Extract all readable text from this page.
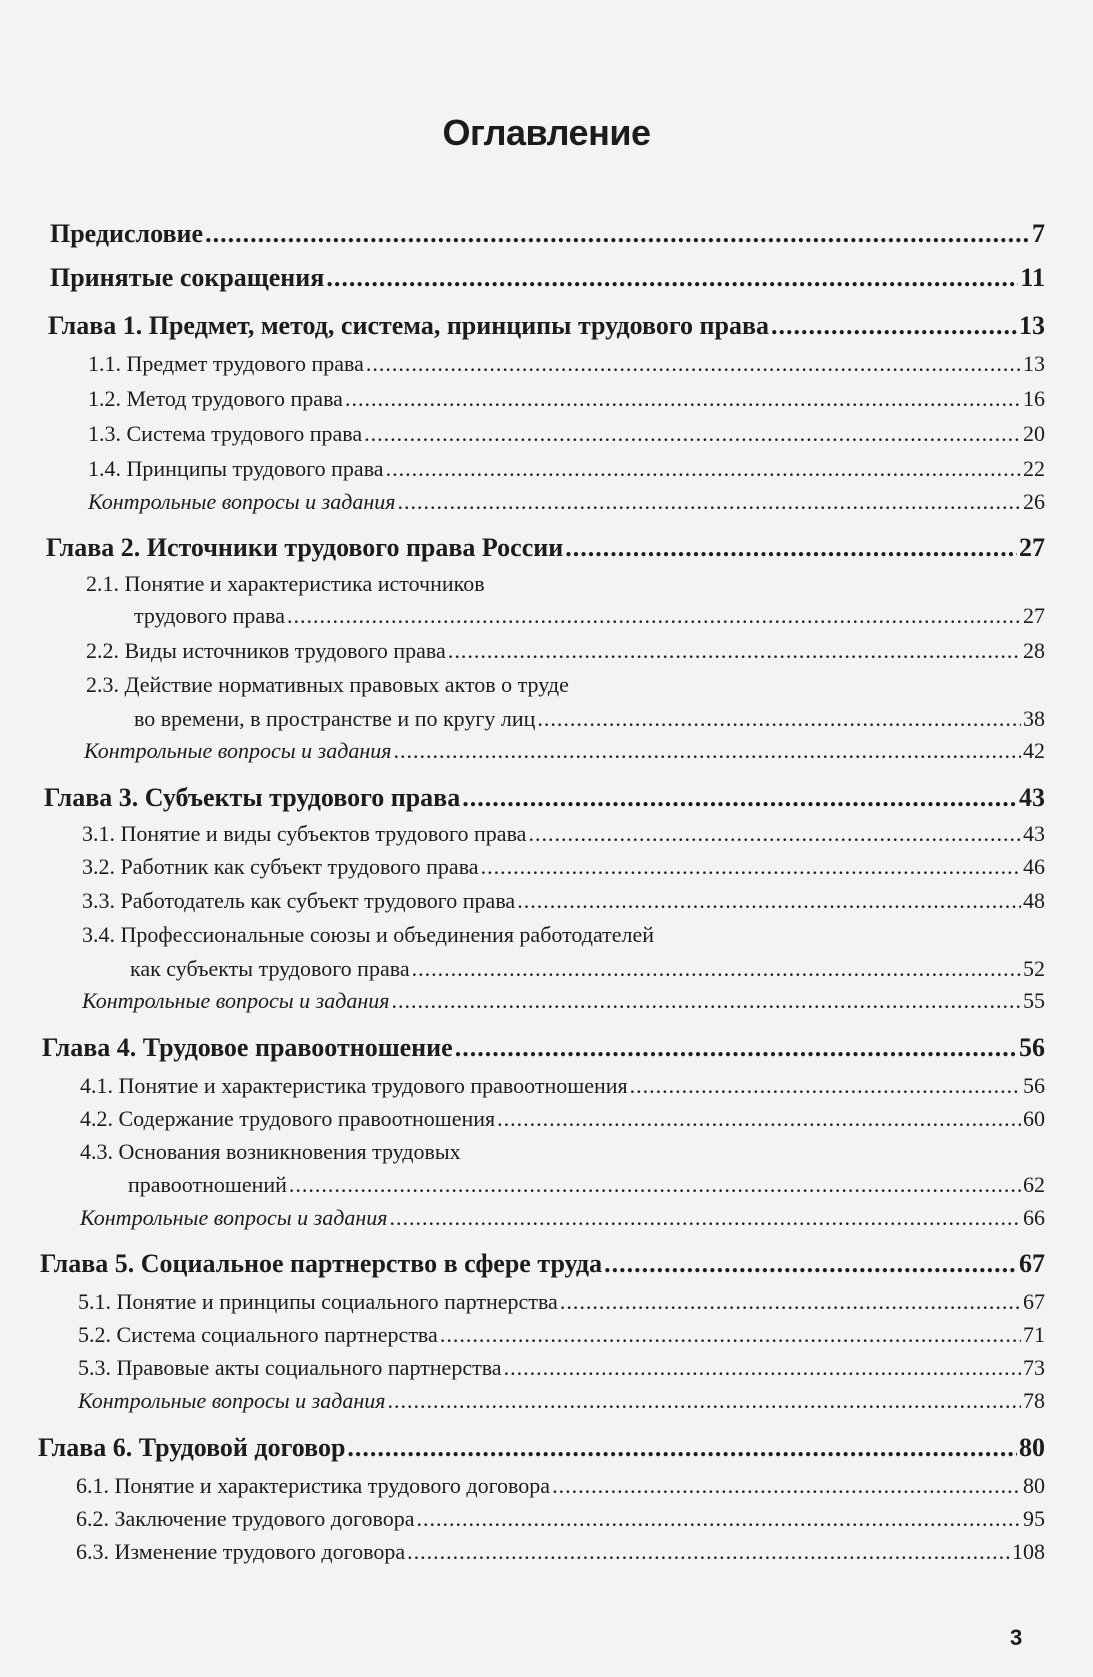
Оглавление
Предисловие .....	7
Принятые сокращения .....	11
Глава 1. Предмет, метод, система, принципы трудового права .....	13
1.1. Предмет трудового права .....	13
1.2. Метод трудового права .....	16
1.3. Система трудового права .....	20
1.4. Принципы трудового права .....	22
Контрольные вопросы и задания .....	26
Глава 2. Источники трудового права России .....	27
2.1. Понятие и характеристика источников
трудового права .....	27
2.2. Виды источников трудового права .....	28
2.3. Действие нормативных правовых актов о труде
во времени, в пространстве и по кругу лиц .....	38
Контрольные вопросы и задания .....	42
Глава 3. Субъекты трудового права .....	43
3.1. Понятие и виды субъектов трудового права .....	43
3.2. Работник как субъект трудового права .....	46
3.3. Работодатель как субъект трудового права .....	48
3.4. Профессиональные союзы и объединения работодателей
как субъекты трудового права .....	52
Контрольные вопросы и задания .....	55
Глава 4. Трудовое правоотношение .....	56
4.1. Понятие и характеристика трудового правоотношения .....	56
4.2. Содержание трудового правоотношения .....	60
4.3. Основания возникновения трудовых
правоотношений .....	62
Контрольные вопросы и задания .....	66
Глава 5. Социальное партнерство в сфере труда .....	67
5.1. Понятие и принципы социального партнерства .....	67
5.2. Система социального партнерства .....	71
5.3. Правовые акты социального партнерства .....	73
Контрольные вопросы и задания .....	78
Глава 6. Трудовой договор .....	80
6.1. Понятие и характеристика трудового договора .....	80
6.2. Заключение трудового договора .....	95
6.3. Изменение трудового договора .....	108
3
